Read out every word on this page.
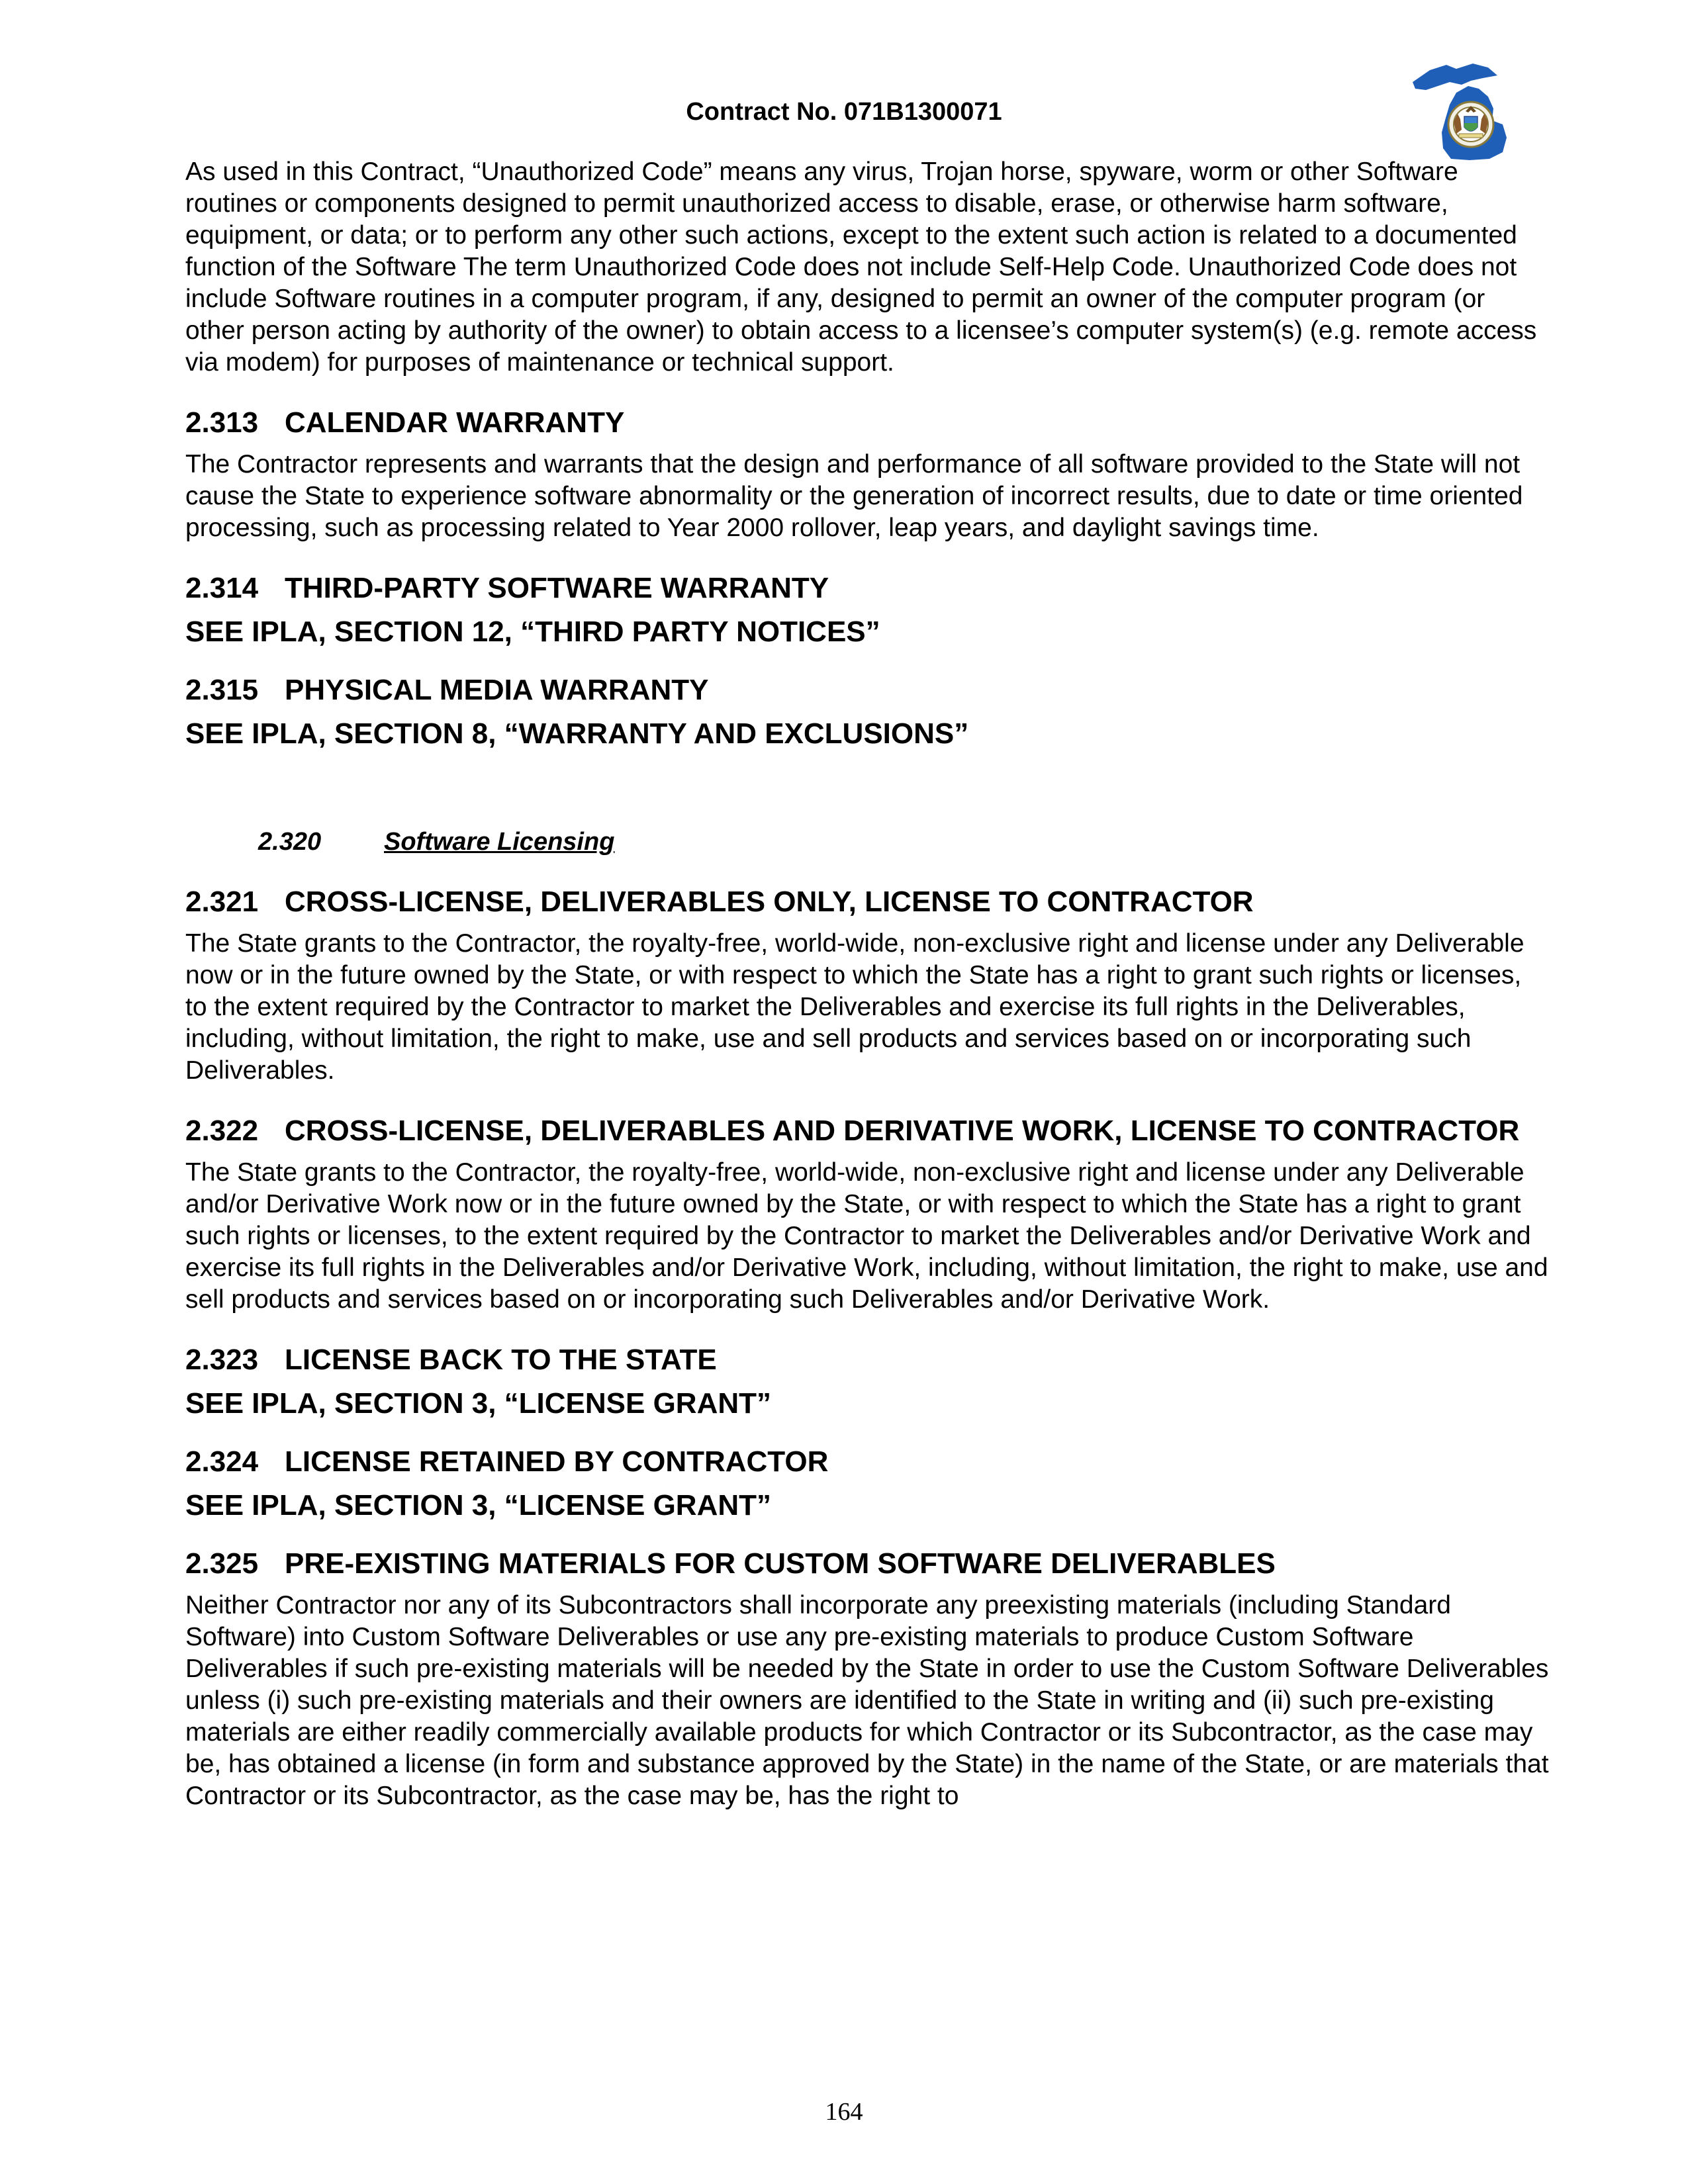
Contract No. 071B1300071

As used in this Contract, “Unauthorized Code” means any virus, Trojan horse, spyware, worm or other Software routines or components designed to permit unauthorized access to disable, erase, or otherwise harm software, equipment, or data; or to perform any other such actions, except to the extent such action is related to a documented function of the Software The term Unauthorized Code does not include Self-Help Code. Unauthorized Code does not include Software routines in a computer program, if any, designed to permit an owner of the computer program (or other person acting by authority of the owner) to obtain access to a licensee’s computer system(s) (e.g. remote access via modem) for purposes of maintenance or technical support.

2.313 CALENDAR WARRANTY

The Contractor represents and warrants that the design and performance of all software provided to the State will not cause the State to experience software abnormality or the generation of incorrect results, due to date or time oriented processing, such as processing related to Year 2000 rollover, leap years, and daylight savings time.

2.314 THIRD-PARTY SOFTWARE WARRANTY

SEE IPLA, SECTION 12, “THIRD PARTY NOTICES”

2.315 PHYSICAL MEDIA WARRANTY

SEE IPLA, SECTION 8, “WARRANTY AND EXCLUSIONS”

2.320 Software Licensing

2.321 CROSS-LICENSE, DELIVERABLES ONLY, LICENSE TO CONTRACTOR

The State grants to the Contractor, the royalty-free, world-wide, non-exclusive right and license under any Deliverable now or in the future owned by the State, or with respect to which the State has a right to grant such rights or licenses, to the extent required by the Contractor to market the Deliverables and exercise its full rights in the Deliverables, including, without limitation, the right to make, use and sell products and services based on or incorporating such Deliverables.

2.322 CROSS-LICENSE, DELIVERABLES AND DERIVATIVE WORK, LICENSE TO CONTRACTOR

The State grants to the Contractor, the royalty-free, world-wide, non-exclusive right and license under any Deliverable and/or Derivative Work now or in the future owned by the State, or with respect to which the State has a right to grant such rights or licenses, to the extent required by the Contractor to market the Deliverables and/or Derivative Work and exercise its full rights in the Deliverables and/or Derivative Work, including, without limitation, the right to make, use and sell products and services based on or incorporating such Deliverables and/or Derivative Work.

2.323 LICENSE BACK TO THE STATE

SEE IPLA, SECTION 3, “LICENSE GRANT”

2.324 LICENSE RETAINED BY CONTRACTOR

SEE IPLA, SECTION 3, “LICENSE GRANT”

2.325 PRE-EXISTING MATERIALS FOR CUSTOM SOFTWARE DELIVERABLES

Neither Contractor nor any of its Subcontractors shall incorporate any preexisting materials (including Standard Software) into Custom Software Deliverables or use any pre-existing materials to produce Custom Software Deliverables if such pre-existing materials will be needed by the State in order to use the Custom Software Deliverables unless (i) such pre-existing materials and their owners are identified to the State in writing and (ii) such pre-existing materials are either readily commercially available products for which Contractor or its Subcontractor, as the case may be, has obtained a license (in form and substance approved by the State) in the name of the State, or are materials that Contractor or its Subcontractor, as the case may be, has the right to

164
